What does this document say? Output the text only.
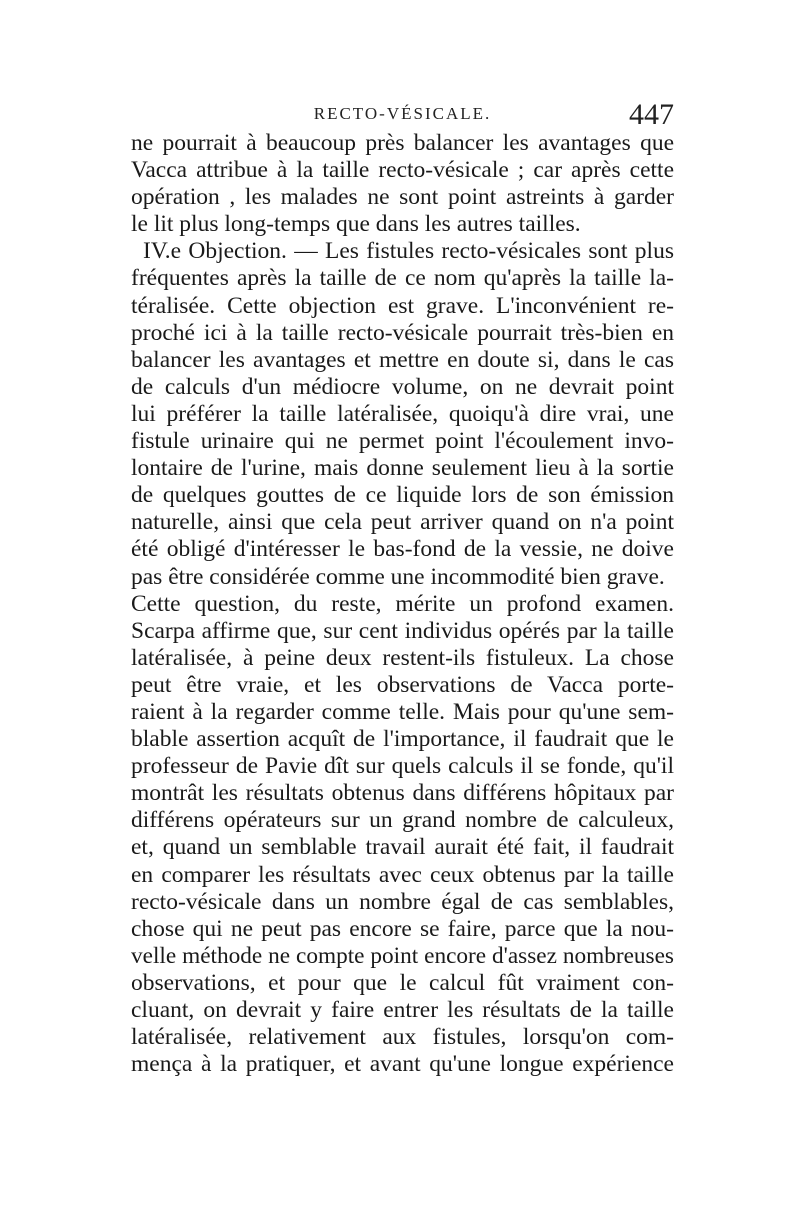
RECTO-VÉSICALE.	447
ne pourrait à beaucoup près balancer les avantages que
Vacca attribue à la taille recto-vésicale ; car après cette
opération , les malades ne sont point astreints à garder
le lit plus long-temps que dans les autres tailles.
IV.e Objection. — Les fistules recto-vésicales sont plus
fréquentes après la taille de ce nom qu'après la taille la-
téralisée. Cette objection est grave. L'inconvénient re-
proché ici à la taille recto-vésicale pourrait très-bien en
balancer les avantages et mettre en doute si, dans le cas
de calculs d'un médiocre volume, on ne devrait point
lui préférer la taille latéralisée, quoiqu'à dire vrai, une
fistule urinaire qui ne permet point l'écoulement invo-
lontaire de l'urine, mais donne seulement lieu à la sortie
de quelques gouttes de ce liquide lors de son émission
naturelle, ainsi que cela peut arriver quand on n'a point
été obligé d'intéresser le bas-fond de la vessie, ne doive
pas être considérée comme une incommodité bien grave.
Cette question, du reste, mérite un profond examen.
Scarpa affirme que, sur cent individus opérés par la taille
latéralisée, à peine deux restent-ils fistuleux. La chose
peut être vraie, et les observations de Vacca porte-
raient à la regarder comme telle. Mais pour qu'une sem-
blable assertion acquît de l'importance, il faudrait que le
professeur de Pavie dît sur quels calculs il se fonde, qu'il
montrât les résultats obtenus dans différens hôpitaux par
différens opérateurs sur un grand nombre de calculeux,
et, quand un semblable travail aurait été fait, il faudrait
en comparer les résultats avec ceux obtenus par la taille
recto-vésicale dans un nombre égal de cas semblables,
chose qui ne peut pas encore se faire, parce que la nou-
velle méthode ne compte point encore d'assez nombreuses
observations, et pour que le calcul fût vraiment con-
cluant, on devrait y faire entrer les résultats de la taille
latéralisée, relativement aux fistules, lorsqu'on com-
mença à la pratiquer, et avant qu'une longue expérience
